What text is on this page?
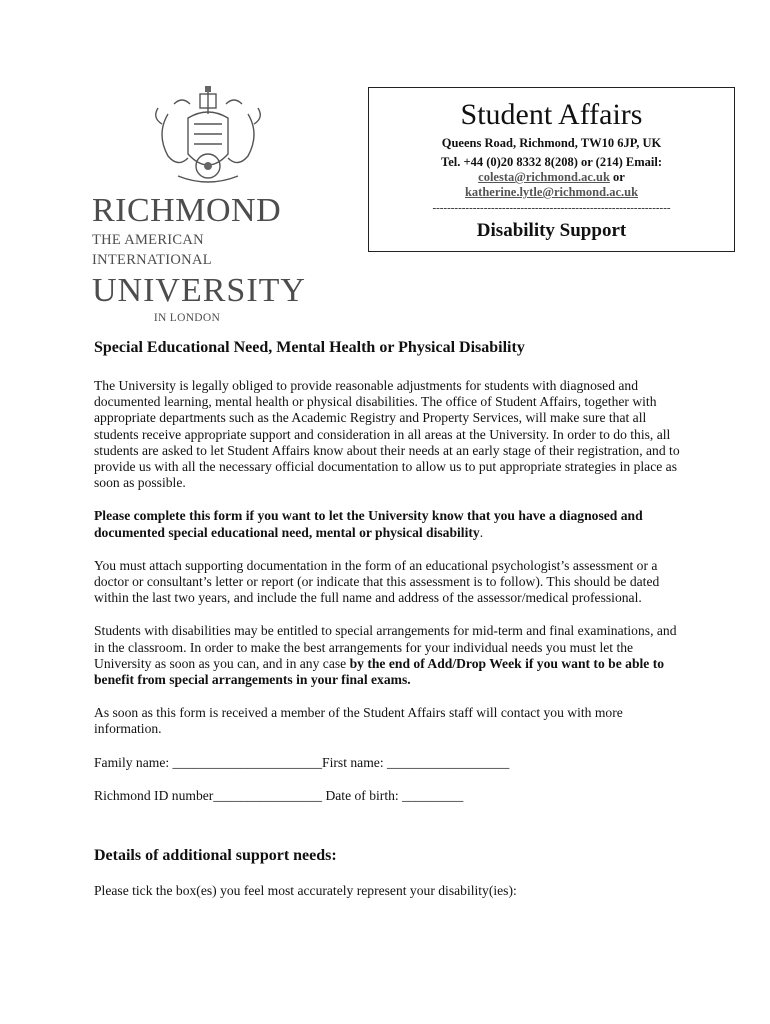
RICHMOND
THE AMERICAN INTERNATIONAL
UNIVERSITY
IN LONDON
Student Affairs
Queens Road, Richmond, TW10 6JP, UK
Tel. +44 (0)20 8332 8(208) or (214) Email:
colesta@richmond.ac.uk or
katherine.lytle@richmond.ac.uk
-----------------------------------------------------------------
Disability Support
Special Educational Need, Mental Health or Physical Disability

The University is legally obliged to provide reasonable adjustments for students with diagnosed and documented learning, mental health or physical disabilities. The office of Student Affairs, together with appropriate departments such as the Academic Registry and Property Services, will make sure that all students receive appropriate support and consideration in all areas at the University. In order to do this, all students are asked to let Student Affairs know about their needs at an early stage of their registration, and to provide us with all the necessary official documentation to allow us to put appropriate strategies in place as soon as possible.

Please complete this form if you want to let the University know that you have a diagnosed and documented special educational need, mental or physical disability.

You must attach supporting documentation in the form of an educational psychologist’s assessment or a doctor or consultant’s letter or report (or indicate that this assessment is to follow). This should be dated within the last two years, and include the full name and address of the assessor/medical professional.

Students with disabilities may be entitled to special arrangements for mid-term and final examinations, and in the classroom. In order to make the best arrangements for your individual needs you must let the University as soon as you can, and in any case by the end of Add/Drop Week if you want to be able to benefit from special arrangements in your final exams.

As soon as this form is received a member of the Student Affairs staff will contact you with more information.

Family name: ______________________First name: __________________

Richmond ID number________________ Date of birth: _________

Details of additional support needs:

Please tick the box(es) you feel most accurately represent your disability(ies):
